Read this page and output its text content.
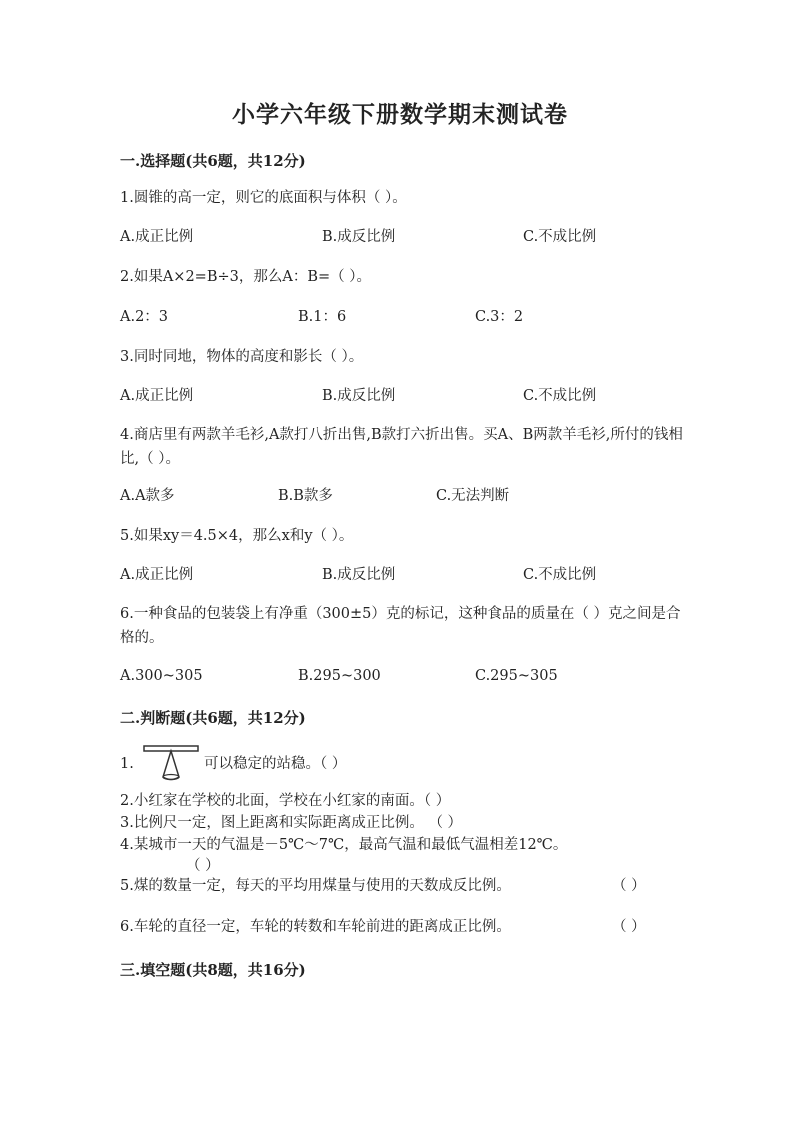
小学六年级下册数学期末测试卷
一.选择题(共6题，共12分)
1.圆锥的高一定，则它的底面积与体积（ ）。
A.成正比例	B.成反比例	C.不成比例
2.如果A×2=B÷3，那么A：B=（ ）。
A.2：3	B.1：6	C.3：2
3.同时同地，物体的高度和影长（ ）。
A.成正比例	B.成反比例	C.不成比例
4.商店里有两款羊毛衫,A款打八折出售,B款打六折出售。买A、B两款羊毛衫,所付的钱相比,（ ）。
A.A款多	B.B款多	C.无法判断
5.如果xy＝4.5×4，那么x和y（ ）。
A.成正比例	B.成反比例	C.不成比例
6.一种食品的包装袋上有净重（300±5）克的标记，这种食品的质量在（ ）克之间是合格的。
A.300~305	B.295~300	C.295~305
二.判断题(共6题，共12分)
1.	可以稳定的站稳。（ ）
2.小红家在学校的北面，学校在小红家的南面。（ ）
3.比例尺一定，图上距离和实际距离成正比例。 （ ）
4.某城市一天的气温是－5℃～7℃，最高气温和最低气温相差12℃。
（ ）
5.煤的数量一定，每天的平均用煤量与使用的天数成反比例。	（ ）
6.车轮的直径一定，车轮的转数和车轮前进的距离成正比例。	（ ）
三.填空题(共8题，共16分)
